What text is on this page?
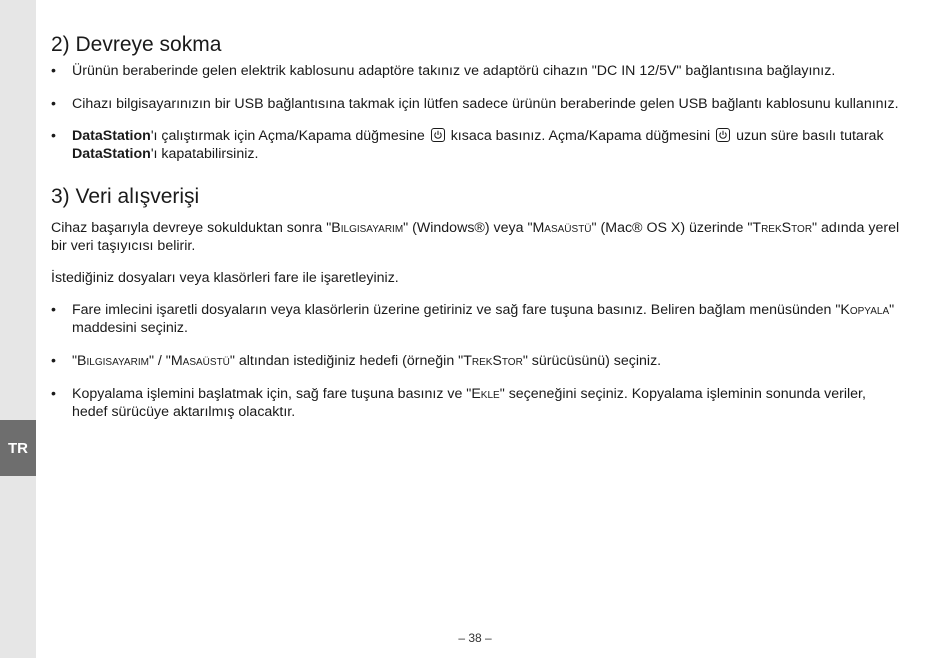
TR
2) Devreye sokma
• Ürünün beraberinde gelen elektrik kablosunu adaptöre takınız ve adaptörü cihazın "DC IN 12/5V" bağlantısına bağlayınız.
• Cihazı bilgisayarınızın bir USB bağlantısına takmak için lütfen sadece ürünün beraberinde gelen USB bağlantı kablosunu kullanınız.
• DataStation'ı çalıştırmak için Açma/Kapama düğmesine kısaca basınız. Açma/Kapama düğmesini uzun süre basılı tutarak DataStation'ı kapatabilirsiniz.
3) Veri alışverişi

Cihaz başarıyla devreye sokulduktan sonra "Bilgisayarım" (Windows®) veya "Masaüstü" (Mac® OS X) üzerinde "TrekStor" adında yerel bir veri taşıyıcısı belirir.

İstediğiniz dosyaları veya klasörleri fare ile işaretleyiniz.

• Fare imlecini işaretli dosyaların veya klasörlerin üzerine getiriniz ve sağ fare tuşuna basınız. Beliren bağlam menüsünden "Kopyala" maddesini seçiniz.
• "Bilgisayarım" / "Masaüstü" altından istediğiniz hedefi (örneğin "TrekStor" sürücüsünü) seçiniz.
• Kopyalama işlemini başlatmak için, sağ fare tuşuna basınız ve "Ekle" seçeneğini seçiniz. Kopyalama işleminin sonunda veriler, hedef sürücüye aktarılmış olacaktır.
– 38 –
